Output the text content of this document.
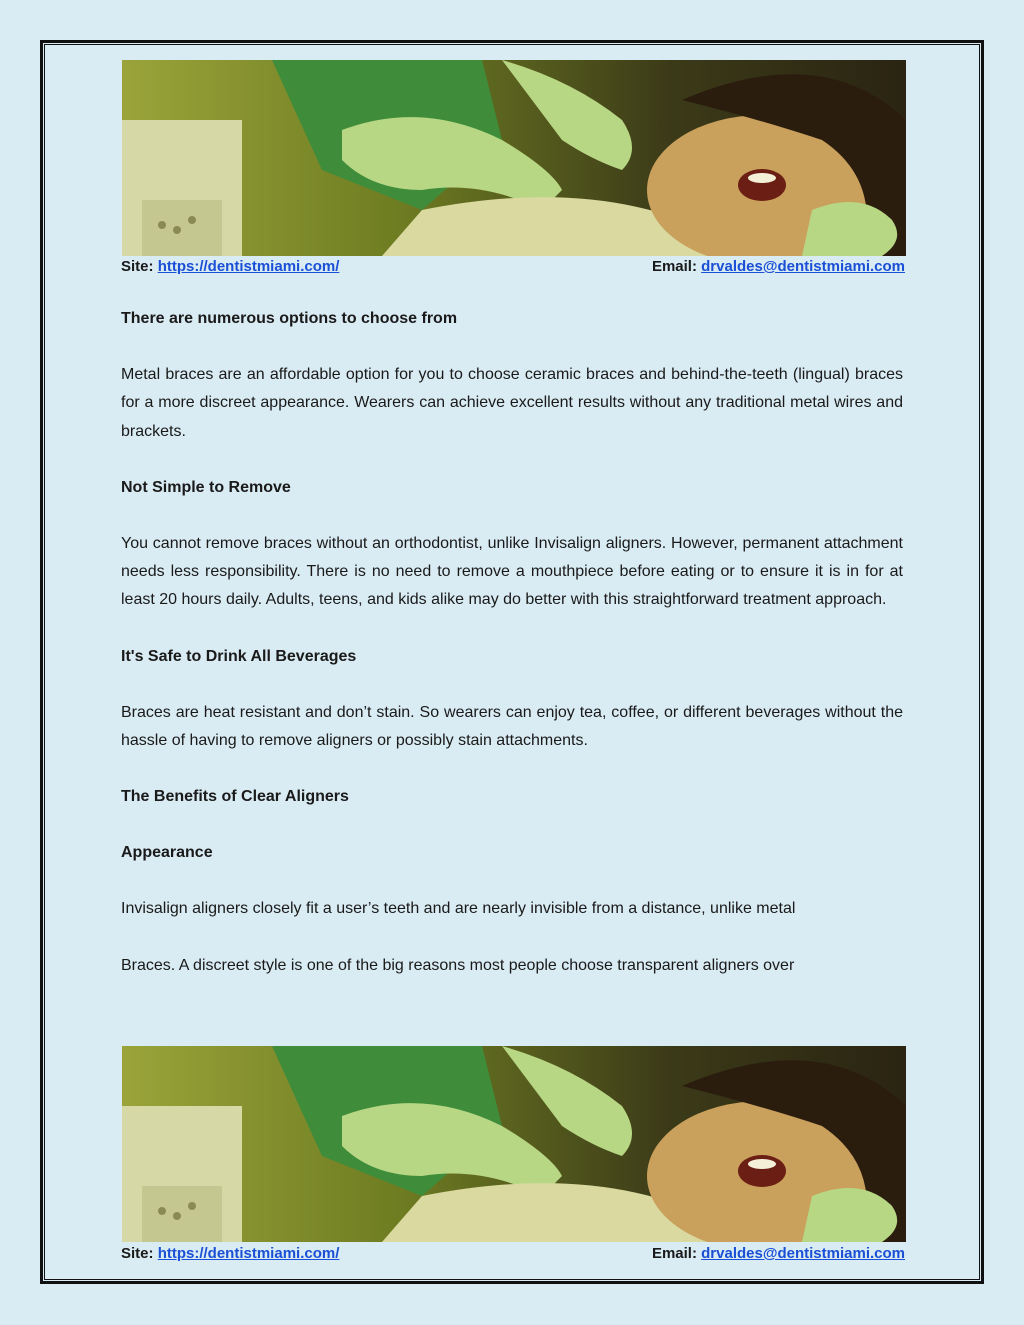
Site: https://dentistmiami.com/	Email: drvaldes@dentistmiami.com
There are numerous options to choose from

Metal braces are an affordable option for you to choose ceramic braces and behind-the-teeth (lingual) braces for a more discreet appearance. Wearers can achieve excellent results without any traditional metal wires and brackets.

Not Simple to Remove

You cannot remove braces without an orthodontist, unlike Invisalign aligners. However, permanent attachment needs less responsibility. There is no need to remove a mouthpiece before eating or to ensure it is in for at least 20 hours daily. Adults, teens, and kids alike may do better with this straightforward treatment approach.

It's Safe to Drink All Beverages

Braces are heat resistant and don’t stain. So wearers can enjoy tea, coffee, or different beverages without the hassle of having to remove aligners or possibly stain attachments.

The Benefits of Clear Aligners
Appearance

Invisalign aligners closely fit a user’s teeth and are nearly invisible from a distance, unlike metal

Braces. A discreet style is one of the big reasons most people choose transparent aligners over

Site: https://dentistmiami.com/	Email: drvaldes@dentistmiami.com
